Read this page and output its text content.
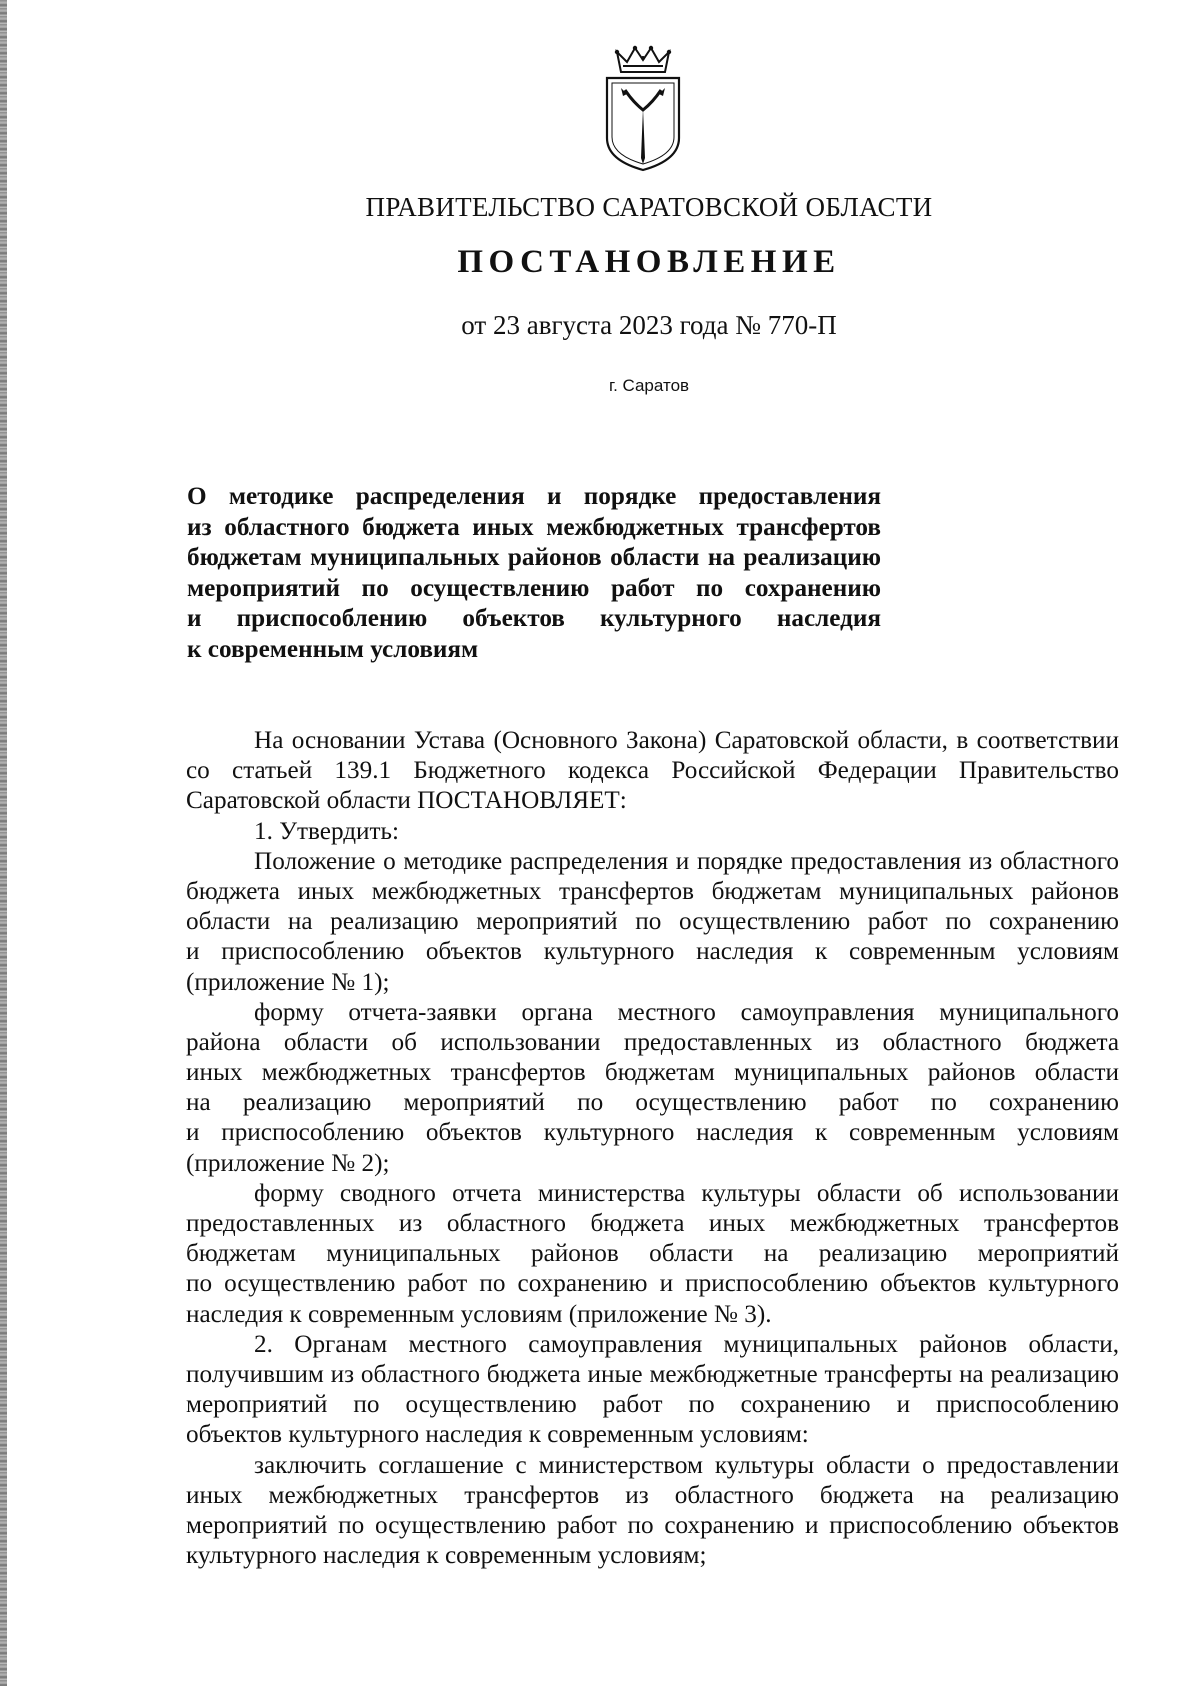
ПРАВИТЕЛЬСТВО САРАТОВСКОЙ ОБЛАСТИ
ПОСТАНОВЛЕНИЕ
от 23 августа 2023 года № 770-П
г. Саратов
О методике распределения и порядке предоставления
из областного бюджета иных межбюджетных трансфертов
бюджетам муниципальных районов области на реализацию
мероприятий по осуществлению работ по сохранению
и приспособлению объектов культурного наследия
к современным условиям
На основании Устава (Основного Закона) Саратовской области, в соответствии
со статьей 139.1 Бюджетного кодекса Российской Федерации Правительство
Саратовской области ПОСТАНОВЛЯЕТ:
1. Утвердить:
Положение о методике распределения и порядке предоставления из областного
бюджета иных межбюджетных трансфертов бюджетам муниципальных районов
области на реализацию мероприятий по осуществлению работ по сохранению
и приспособлению объектов культурного наследия к современным условиям
(приложение № 1);
форму отчета-заявки органа местного самоуправления муниципального
района области об использовании предоставленных из областного бюджета
иных межбюджетных трансфертов бюджетам муниципальных районов области
на реализацию мероприятий по осуществлению работ по сохранению
и приспособлению объектов культурного наследия к современным условиям
(приложение № 2);
форму сводного отчета министерства культуры области об использовании
предоставленных из областного бюджета иных межбюджетных трансфертов
бюджетам муниципальных районов области на реализацию мероприятий
по осуществлению работ по сохранению и приспособлению объектов культурного
наследия к современным условиям (приложение № 3).
2. Органам местного самоуправления муниципальных районов области,
получившим из областного бюджета иные межбюджетные трансферты на реализацию
мероприятий по осуществлению работ по сохранению и приспособлению
объектов культурного наследия к современным условиям:
заключить соглашение с министерством культуры области о предоставлении
иных межбюджетных трансфертов из областного бюджета на реализацию
мероприятий по осуществлению работ по сохранению и приспособлению объектов
культурного наследия к современным условиям;
